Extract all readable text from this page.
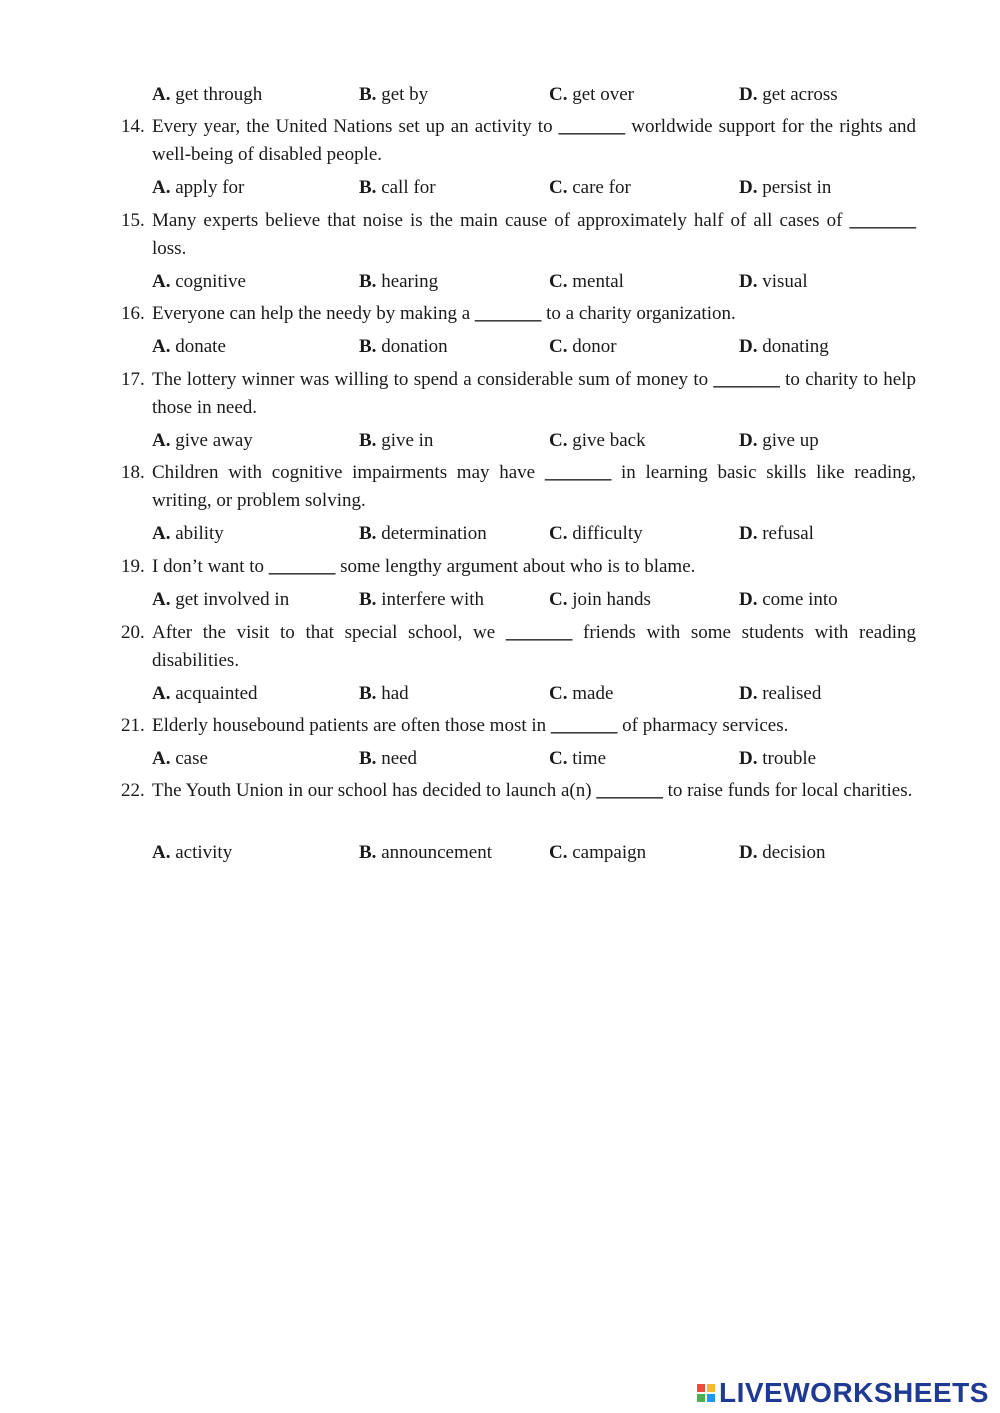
A. get through	B. get by	C. get over	D. get across
14. Every year, the United Nations set up an activity to _______ worldwide support for the rights and well-being of disabled people.
A. apply for	B. call for	C. care for	D. persist in
15. Many experts believe that noise is the main cause of approximately half of all cases of _______ loss.
A. cognitive	B. hearing	C. mental	D. visual
16. Everyone can help the needy by making a _______ to a charity organization.
A. donate	B. donation	C. donor	D. donating
17. The lottery winner was willing to spend a considerable sum of money to _______ to charity to help those in need.
A. give away	B. give in	C. give back	D. give up
18. Children with cognitive impairments may have _______ in learning basic skills like reading, writing, or problem solving.
A. ability	B. determination	C. difficulty	D. refusal
19. I don’t want to _______ some lengthy argument about who is to blame.
A. get involved in	B. interfere with	C. join hands	D. come into
20. After the visit to that special school, we _______ friends with some students with reading disabilities.
A. acquainted	B. had	C. made	D. realised
21. Elderly housebound patients are often those most in _______ of pharmacy services.
A. case	B. need	C. time	D. trouble
22. The Youth Union in our school has decided to launch a(n) _______ to raise funds for local charities.
A. activity	B. announcement	C. campaign	D. decision
LIVEWORKSHEETS
